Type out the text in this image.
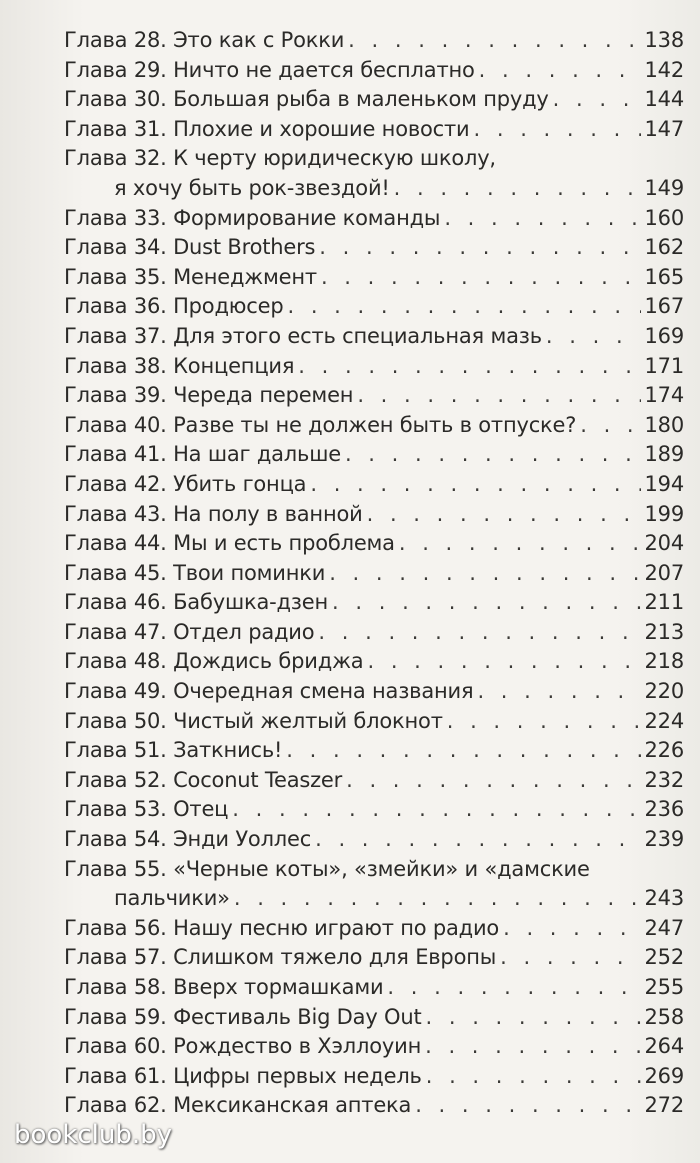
Глава 28. Это как с Рокки . . .	138
Глава 29. Ничто не дается бесплатно . . .	142
Глава 30. Большая рыба в маленьком пруду . . .	144
Глава 31. Плохие и хорошие новости . . .	147
Глава 32. К черту юридическую школу,
я хочу быть рок-звездой! . . .	149
Глава 33. Формирование команды . . .	160
Глава 34. Dust Brothers . . .	162
Глава 35. Менеджмент . . .	165
Глава 36. Продюсер . . .	167
Глава 37. Для этого есть специальная мазь . . .	169
Глава 38. Концепция . . .	171
Глава 39. Череда перемен . . .	174
Глава 40. Разве ты не должен быть в отпуске? . . .	180
Глава 41. На шаг дальше . . .	189
Глава 42. Убить гонца . . .	194
Глава 43. На полу в ванной . . .	199
Глава 44. Мы и есть проблема . . .	204
Глава 45. Твои поминки . . .	207
Глава 46. Бабушка-дзен . . .	211
Глава 47. Отдел радио . . .	213
Глава 48. Дождись бриджа . . .	218
Глава 49. Очередная смена названия . . .	220
Глава 50. Чистый желтый блокнот . . .	224
Глава 51. Заткнись! . . .	226
Глава 52. Coconut Teaszer . . .	232
Глава 53. Отец . . .	236
Глава 54. Энди Уоллес . . .	239
Глава 55. «Черные коты», «змейки» и «дамские
пальчики» . . .	243
Глава 56. Нашу песню играют по радио . . .	247
Глава 57. Слишком тяжело для Европы . . .	252
Глава 58. Вверх тормашками . . .	255
Глава 59. Фестиваль Big Day Out . . .	258
Глава 60. Рождество в Хэллоуин . . .	264
Глава 61. Цифры первых недель . . .	269
Глава 62. Мексиканская аптека . . .	272
bookclub.by
